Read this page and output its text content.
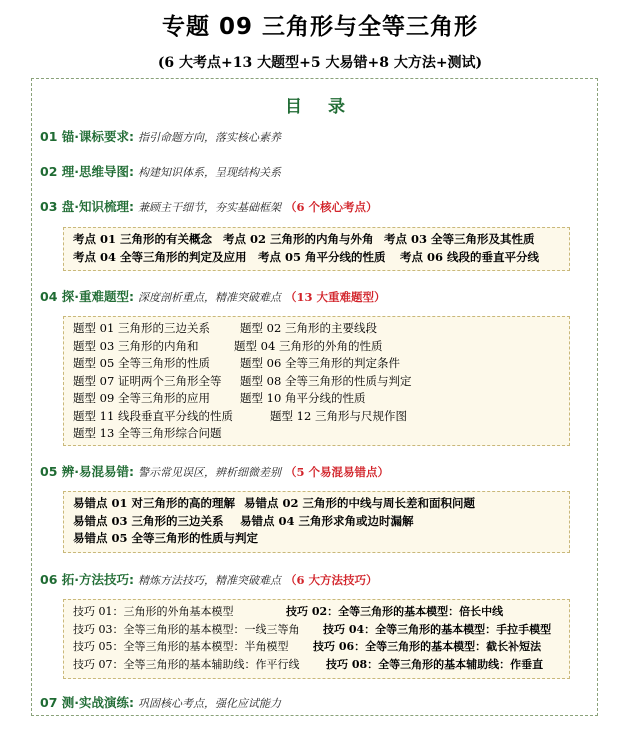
专题 09 三角形与全等三角形
(6 大考点+13 大题型+5 大易错+8 大方法+测试)
目 录
01 锚·课标要求: 指引命题方向，落实核心素养
02 理·思维导图: 构建知识体系，呈现结构关系
03 盘·知识梳理: 兼顾主干细节，夯实基础框架 （6 个核心考点）
考点 01 三角形的有关概念 考点 02 三角形的内角与外角 考点 03 全等三角形及其性质
考点 04 全等三角形的判定及应用 考点 05 角平分线的性质 考点 06 线段的垂直平分线
04 探·重难题型: 深度剖析重点，精准突破难点 （13 大重难题型）
题型 01 三角形的三边关系	题型 02 三角形的主要线段
题型 03 三角形的内角和	题型 04 三角形的外角的性质
题型 05 全等三角形的性质	题型 06 全等三角形的判定条件
题型 07 证明两个三角形全等 题型 08 全等三角形的性质与判定
题型 09 全等三角形的应用	题型 10 角平分线的性质
题型 11 线段垂直平分线的性质	题型 12 三角形与尺规作图
题型 13 全等三角形综合问题
05 辨·易混易错: 警示常见误区，辨析细微差别 （5 个易混易错点）
易错点 01 对三角形的高的理解 易错点 02 三角形的中线与周长差和面积问题
易错点 03 三角形的三边关系 易错点 04 三角形求角或边时漏解
易错点 05 全等三角形的性质与判定
06 拓·方法技巧: 精炼方法技巧，精准突破难点 （6 大方法技巧）
技巧 01：三角形的外角基本模型	技巧 02：全等三角形的基本模型：倍长中线
技巧 03：全等三角形的基本模型：一线三等角 技巧 04：全等三角形的基本模型：手拉手模型
技巧 05：全等三角形的基本模型：半角模型 技巧 06：全等三角形的基本模型：截长补短法
技巧 07：全等三角形的基本辅助线：作平行线 技巧 08：全等三角形的基本辅助线：作垂直
07 测·实战演练: 巩固核心考点，强化应试能力
